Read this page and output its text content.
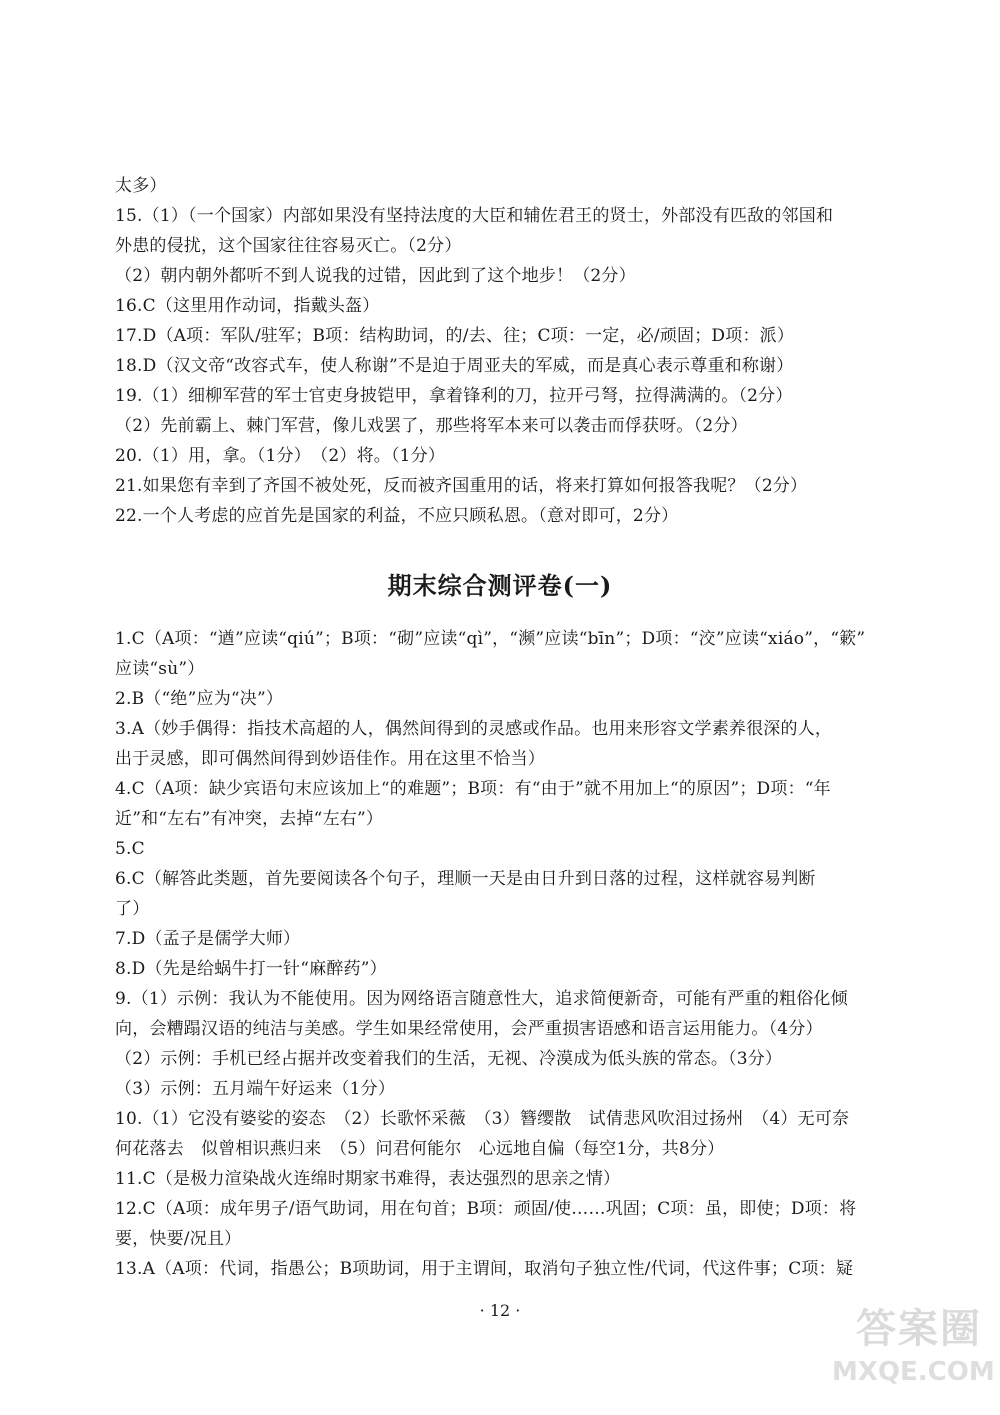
太多）
15.（1）（一个国家）内部如果没有坚持法度的大臣和辅佐君王的贤士，外部没有匹敌的邻国和
外患的侵扰，这个国家往往容易灭亡。（2分）
（2）朝内朝外都听不到人说我的过错，因此到了这个地步！（2分）
16.C（这里用作动词，指戴头盔）
17.D（A项：军队/驻军；B项：结构助词，的/去、往；C项：一定，必/顽固；D项：派）
18.D（汉文帝“改容式车，使人称谢”不是迫于周亚夫的军威，而是真心表示尊重和称谢）
19.（1）细柳军营的军士官吏身披铠甲，拿着锋利的刀，拉开弓弩，拉得满满的。（2分）
（2）先前霸上、棘门军营，像儿戏罢了，那些将军本来可以袭击而俘获呀。（2分）
20.（1）用，拿。（1分）　（2）将。（1分）
21.如果您有幸到了齐国不被处死，反而被齐国重用的话，将来打算如何报答我呢？（2分）
22.一个人考虑的应首先是国家的利益，不应只顾私恩。（意对即可，2分）
期末综合测评卷(一)
1.C（A项：“遒”应读“qiú”；B项：“砌”应读“qì”，“濒”应读“bīn”；D项：“洨”应读“xiáo”，“簌”
应读“sù”）
2.B（“绝”应为“决”）
3.A（妙手偶得：指技术高超的人，偶然间得到的灵感或作品。也用来形容文学素养很深的人，
出于灵感，即可偶然间得到妙语佳作。用在这里不恰当）
4.C（A项：缺少宾语句末应该加上“的难题”；B项：有“由于”就不用加上“的原因”；D项：“年
近”和“左右”有冲突，去掉“左右”）
5.C
6.C（解答此类题，首先要阅读各个句子，理顺一天是由日升到日落的过程，这样就容易判断
了）
7.D（孟子是儒学大师）
8.D（先是给蜗牛打一针“麻醉药”）
9.（1）示例：我认为不能使用。因为网络语言随意性大，追求简便新奇，可能有严重的粗俗化倾
向，会糟蹋汉语的纯洁与美感。学生如果经常使用，会严重损害语感和语言运用能力。（4分）
（2）示例：手机已经占据并改变着我们的生活，无视、冷漠成为低头族的常态。（3分）
（3）示例：五月端午好运来（1分）
10.（1）它没有婆娑的姿态　（2）长歌怀采薇　（3）簪缨散　试倩悲风吹泪过扬州　（4）无可奈
何花落去　似曾相识燕归来　（5）问君何能尔　心远地自偏（每空1分，共8分）
11.C（是极力渲染战火连绵时期家书难得，表达强烈的思亲之情）
12.C（A项：成年男子/语气助词，用在句首；B项：顽固/使……巩固；C项：虽，即使；D项：将
要，快要/况且）
13.A（A项：代词，指愚公；B项助词，用于主谓间，取消句子独立性/代词，代这件事；C项：疑
· 12 ·	答案圈
MXQE.COM
